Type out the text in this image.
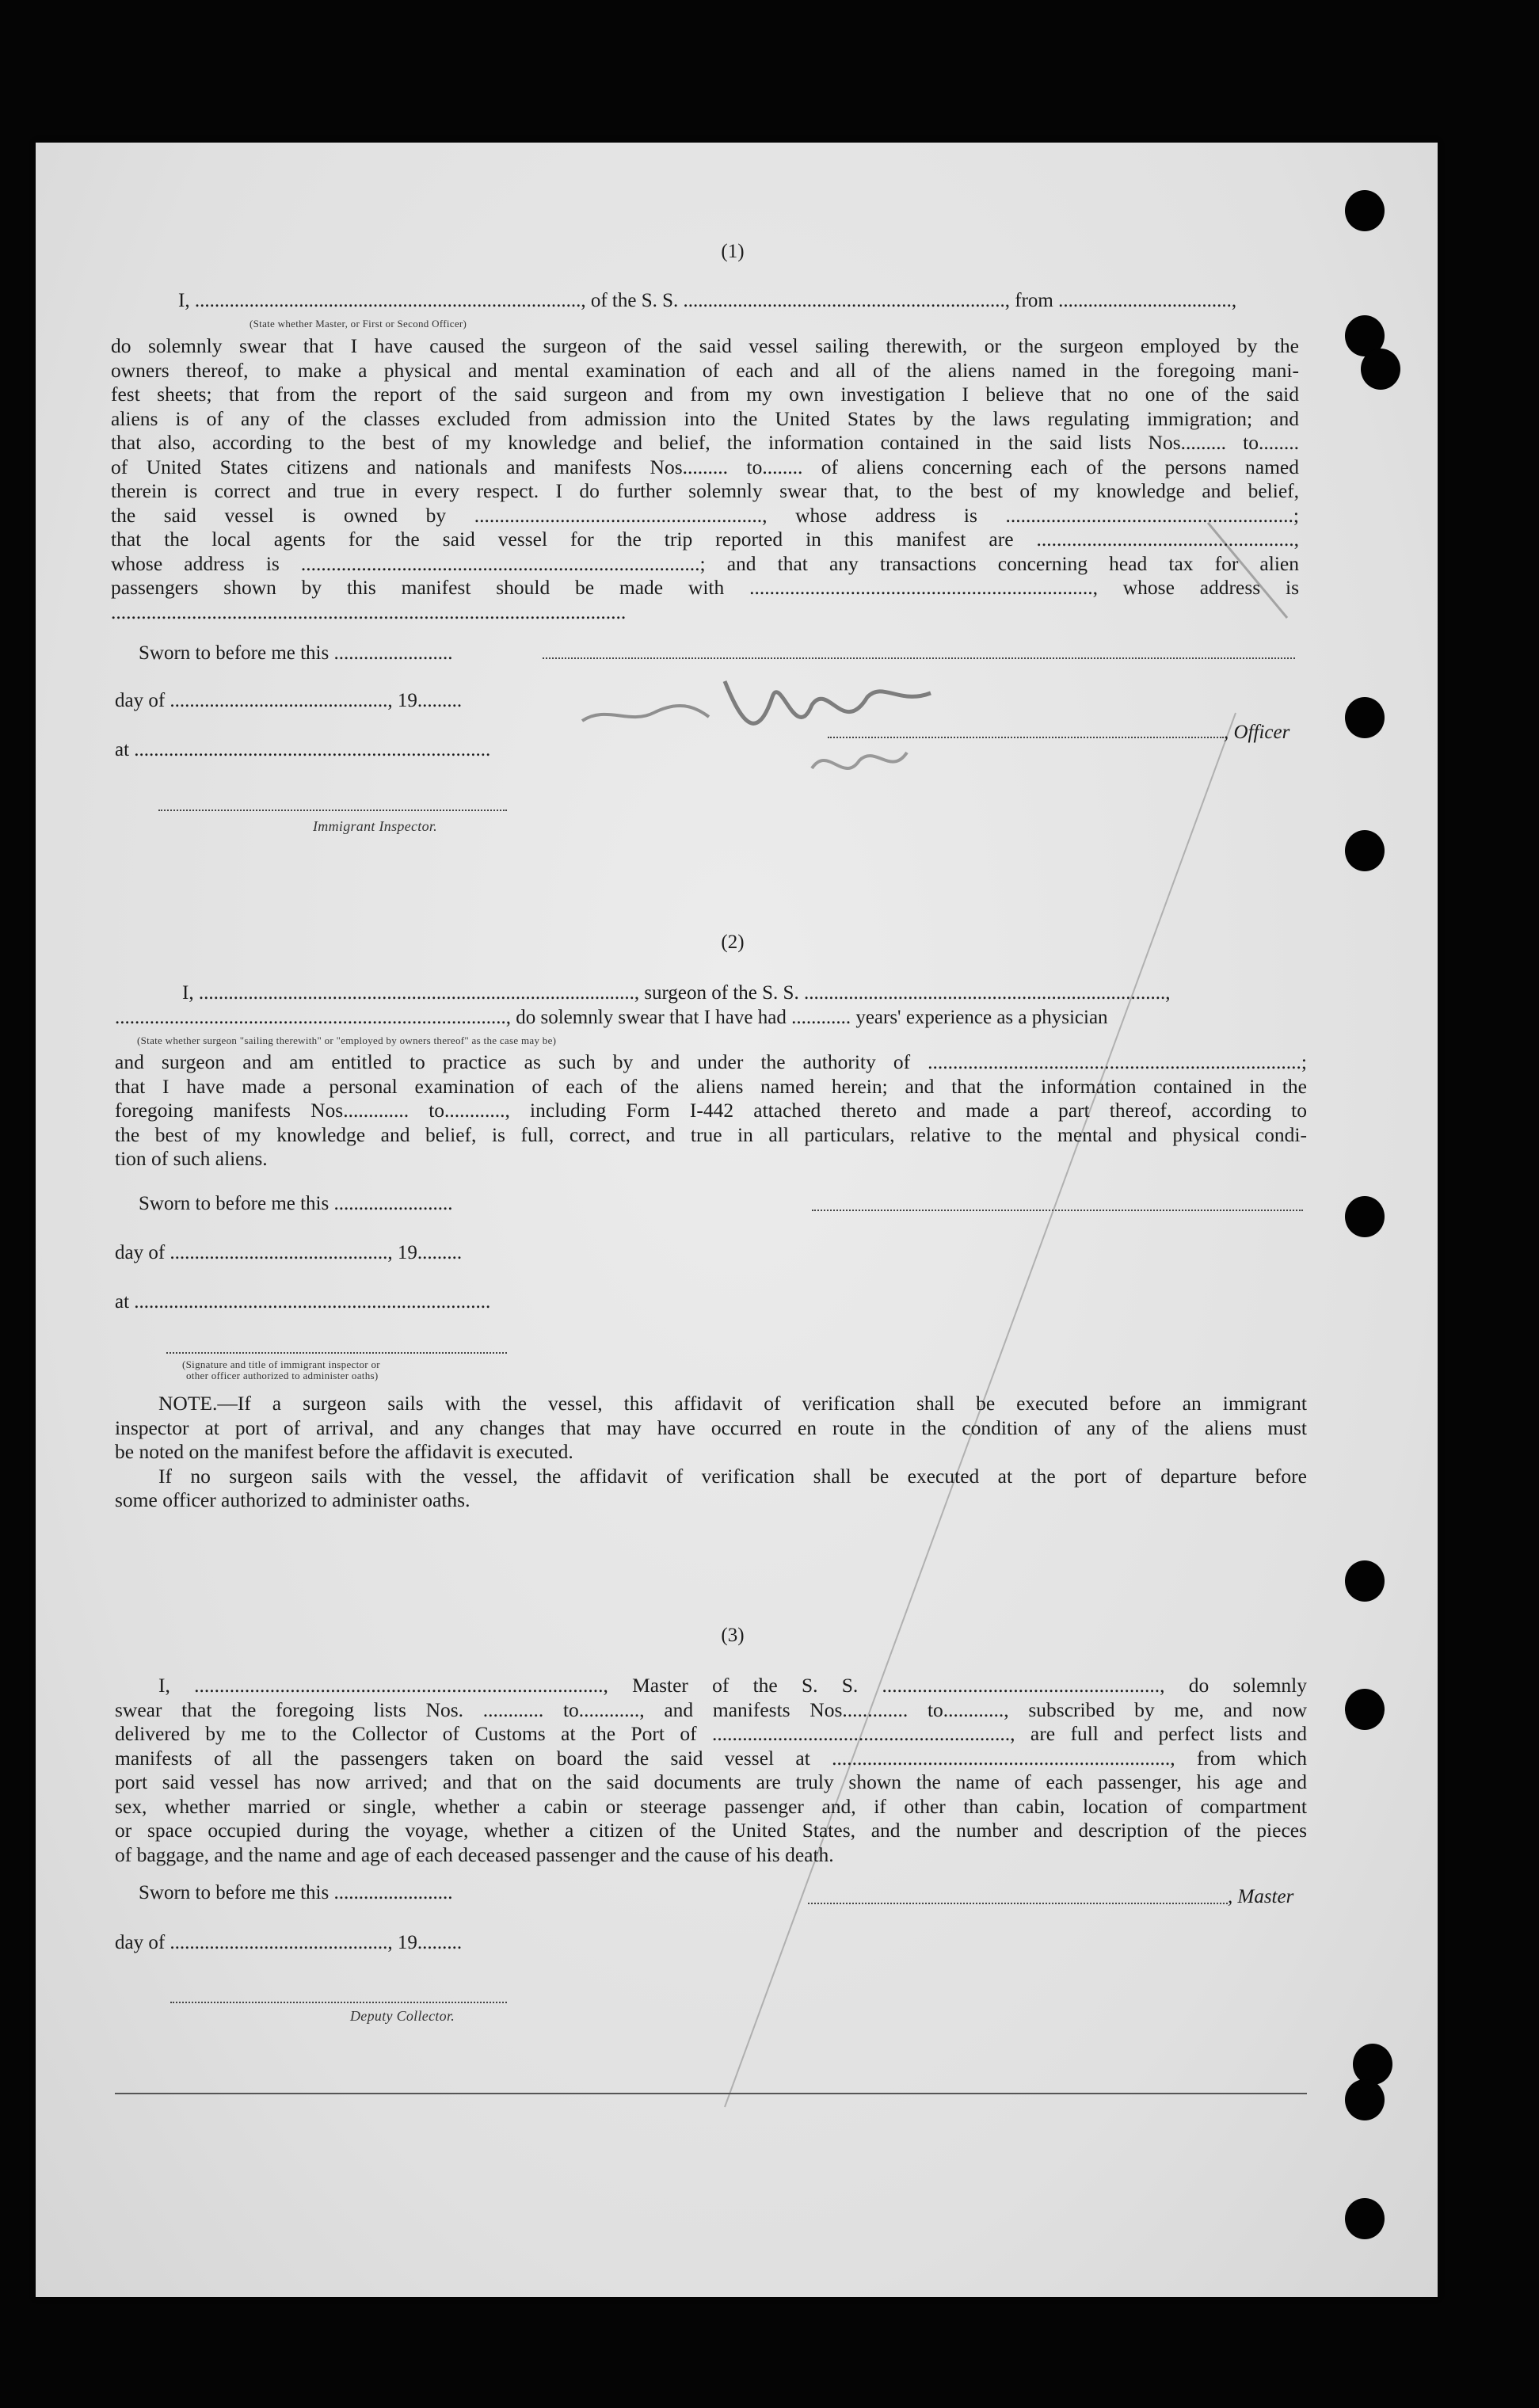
(1)
I, .............................................................................., of the S. S. ................................................................., from ...................................,
(State whether Master, or First or Second Officer)
do solemnly swear that I have caused the surgeon of the said vessel sailing therewith, or the surgeon employed by the
owners thereof, to make a physical and mental examination of each and all of the aliens named in the foregoing mani-
fest sheets; that from the report of the said surgeon and from my own investigation I believe that no one of the said
aliens is of any of the classes excluded from admission into the United States by the laws regulating immigration; and
that also, according to the best of my knowledge and belief, the information contained in the said lists Nos......... to........
of United States citizens and nationals and manifests Nos......... to........ of aliens concerning each of the persons named
therein is correct and true in every respect. I do further solemnly swear that, to the best of my knowledge and belief,
the said vessel is owned by ........................................................., whose address is .........................................................;
that the local agents for the said vessel for the trip reported in this manifest are ...................................................,
whose address is ...............................................................................; and that any transactions concerning head tax for alien
passengers shown by this manifest should be made with ...................................................................., whose address is
......................................................................................................
Sworn to before me this ........................
day of ............................................, 19.........
, Officer
at ........................................................................
Immigrant Inspector.
(2)
I, ........................................................................................, surgeon of the S. S. .........................................................................,
..............................................................................., do solemnly swear that I have had ............ years' experience as a physician
(State whether surgeon "sailing therewith" or "employed by owners thereof" as the case may be)
and surgeon and am entitled to practice as such by and under the authority of ..........................................................................;
that I have made a personal examination of each of the aliens named herein; and that the information contained in the
foregoing manifests Nos............. to............, including Form I-442 attached thereto and made a part thereof, according to
the best of my knowledge and belief, is full, correct, and true in all particulars, relative to the mental and physical condi-
tion of such aliens.
Sworn to before me this ........................
day of ............................................, 19.........
at ........................................................................
(Signature and title of immigrant inspector or
other officer authorized to administer oaths)
NOTE.—If a surgeon sails with the vessel, this affidavit of verification shall be executed before an immigrant
inspector at port of arrival, and any changes that may have occurred en route in the condition of any of the aliens must
be noted on the manifest before the affidavit is executed.
If no surgeon sails with the vessel, the affidavit of verification shall be executed at the port of departure before
some officer authorized to administer oaths.
(3)
I, ................................................................................., Master of the S. S. ......................................................., do solemnly
swear that the foregoing lists Nos. ............ to............, and manifests Nos............. to............, subscribed by me, and now
delivered by me to the Collector of Customs at the Port of ..........................................................., are full and perfect lists and
manifests of all the passengers taken on board the said vessel at ..................................................................., from which
port said vessel has now arrived; and that on the said documents are truly shown the name of each passenger, his age and
sex, whether married or single, whether a cabin or steerage passenger and, if other than cabin, location of compartment
or space occupied during the voyage, whether a citizen of the United States, and the number and description of the pieces
of baggage, and the name and age of each deceased passenger and the cause of his death.
Sworn to before me this ........................	, Master
day of ............................................, 19.........
Deputy Collector.
